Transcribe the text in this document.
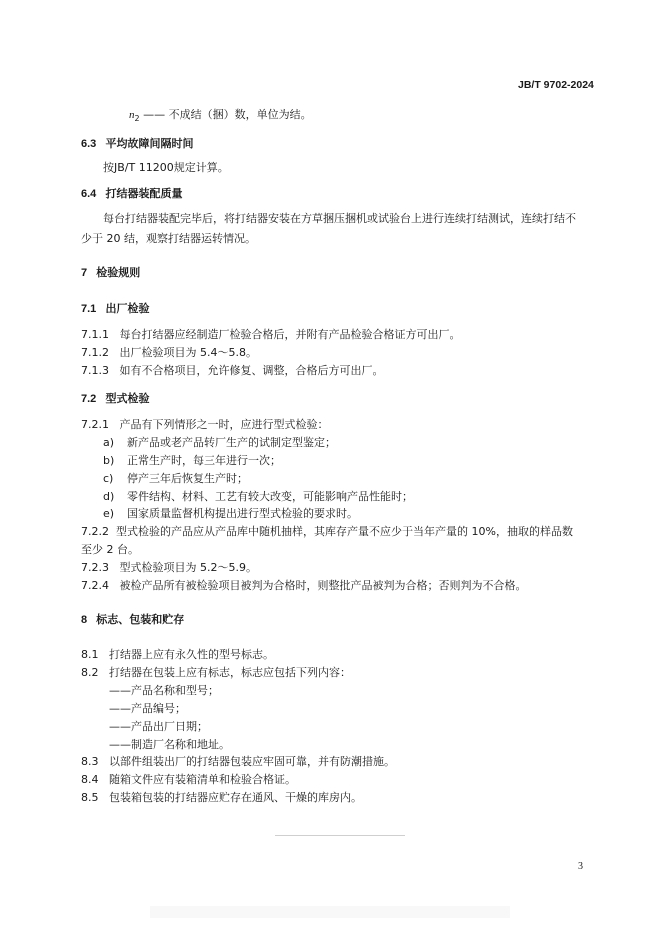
JB/T 9702-2024
$n_2$ —— 不成结（捆）数，单位为结。
6.3 平均故障间隔时间
按JB/T 11200规定计算。
6.4 打结器装配质量
每台打结器装配完毕后，将打结器安装在方草捆压捆机或试验台上进行连续打结测试，连续打结不
少于 20 结，观察打结器运转情况。
7 检验规则
7.1 出厂检验
7.1.1 每台打结器应经制造厂检验合格后，并附有产品检验合格证方可出厂。
7.1.2 出厂检验项目为 5.4～5.8。
7.1.3 如有不合格项目，允许修复、调整，合格后方可出厂。
7.2 型式检验
7.2.1 产品有下列情形之一时，应进行型式检验：
a) 新产品或老产品转厂生产的试制定型鉴定；
b) 正常生产时，每三年进行一次；
c) 停产三年后恢复生产时；
d) 零件结构、材料、工艺有较大改变，可能影响产品性能时；
e) 国家质量监督机构提出进行型式检验的要求时。
7.2.2 型式检验的产品应从产品库中随机抽样，其库存产量不应少于当年产量的 10%，抽取的样品数
至少 2 台。
7.2.3 型式检验项目为 5.2～5.9。
7.2.4 被检产品所有被检验项目被判为合格时，则整批产品被判为合格；否则判为不合格。
8 标志、包装和贮存
8.1 打结器上应有永久性的型号标志。
8.2 打结器在包装上应有标志，标志应包括下列内容：
——产品名称和型号；
——产品编号；
——产品出厂日期；
——制造厂名称和地址。
8.3 以部件组装出厂的打结器包装应牢固可靠，并有防潮措施。
8.4 随箱文件应有装箱清单和检验合格证。
8.5 包装箱包装的打结器应贮存在通风、干燥的库房内。
3
